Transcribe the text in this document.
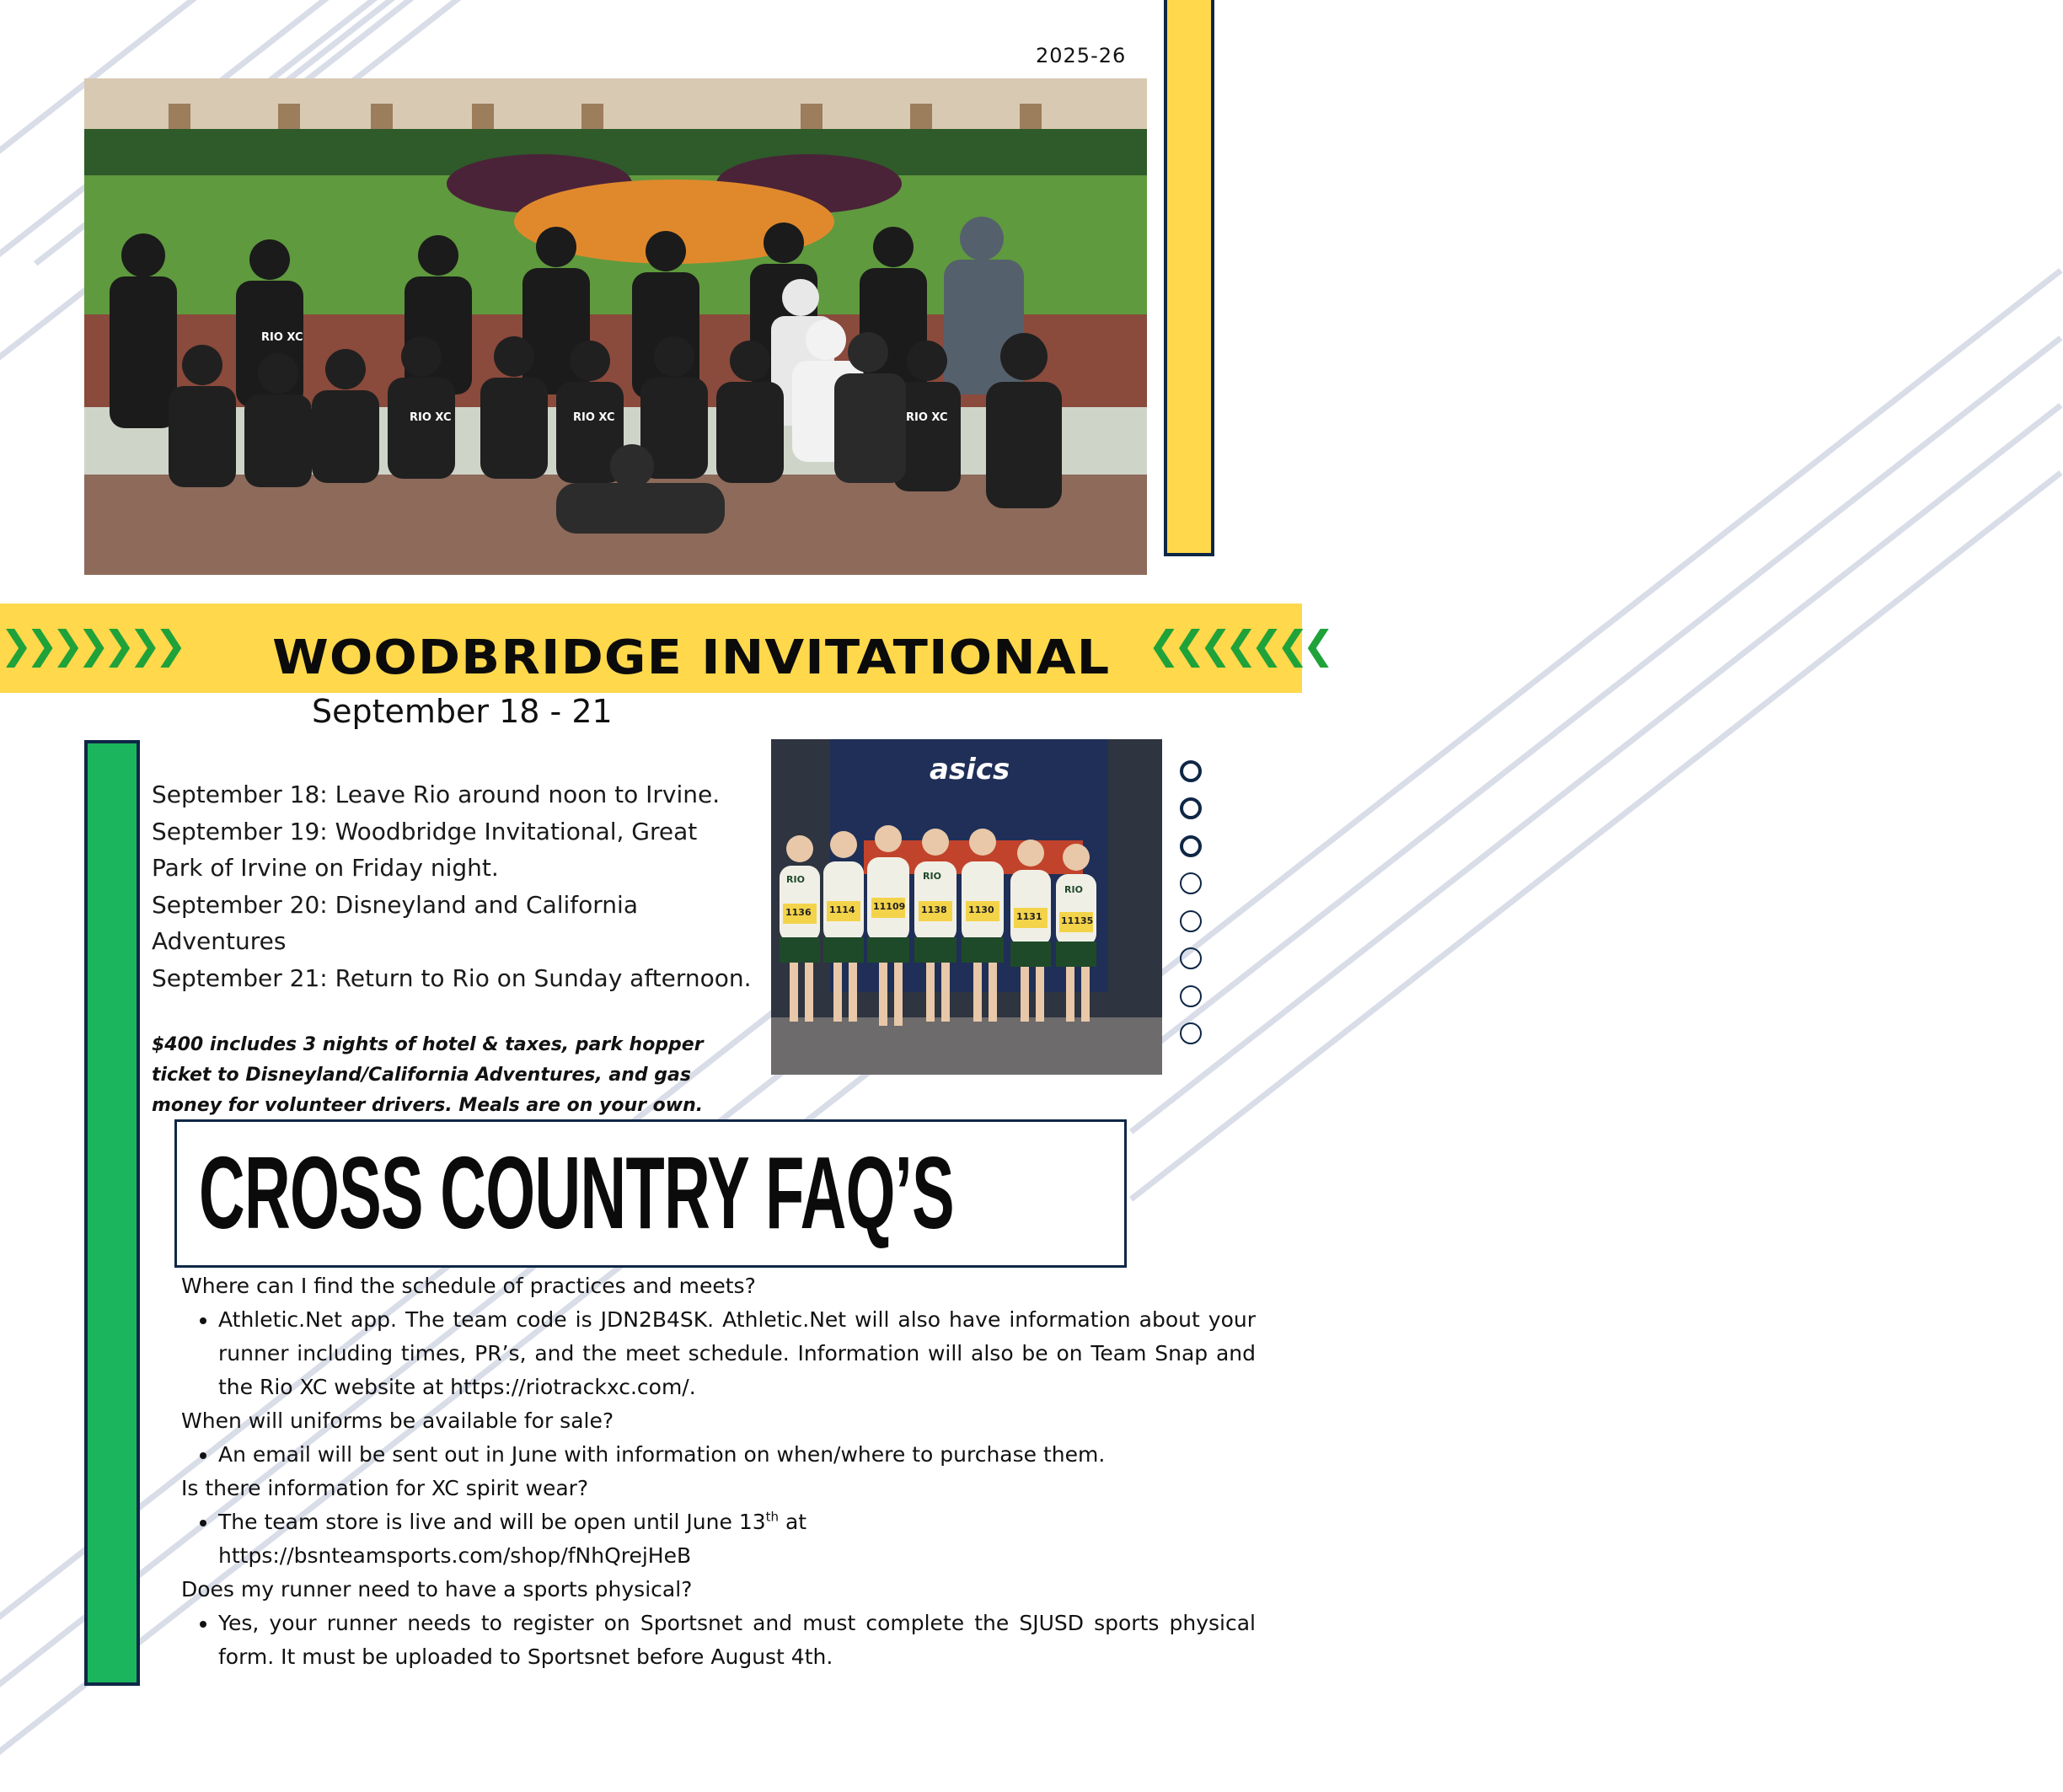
2025-26
RIO XC
RIO XC	RIO XC	RIO XC
❯❯❯❯❯❯❯	❮❮❮❮❮❮❮
WOODBRIDGE INVITATIONAL
September 18 - 21

September 18: Leave Rio around noon to Irvine.

September 19: Woodbridge Invitational, Great Park of Irvine on Friday night.

September 20: Disneyland and California Adventures

September 21: Return to Rio on Sunday afternoon.

$400 includes 3 nights of hotel & taxes, park hopper ticket to Disneyland/California Adventures, and gas money for volunteer drivers. Meals are on your own.
asics
1136 1114 11109 1138 1130
1131 11135
RIO	RIO
RIO
CROSS COUNTRY FAQ’S

Where can I find the schedule of practices and meets?

• Athletic.Net app. The team code is JDN2B4SK. Athletic.Net will also have information about your runner including times, PR’s, and the meet schedule. Information will also be on Team Snap and the Rio XC website at https://riotrackxc.com/.

When will uniforms be available for sale?

• An email will be sent out in June with information on when/where to purchase them.

Is there information for XC spirit wear?

• The team store is live and will be open until June 13th at
https://bsnteamsports.com/shop/fNhQrejHeB

Does my runner need to have a sports physical?

• Yes, your runner needs to register on Sportsnet and must complete the SJUSD sports physical form. It must be uploaded to Sportsnet before August 4th.
